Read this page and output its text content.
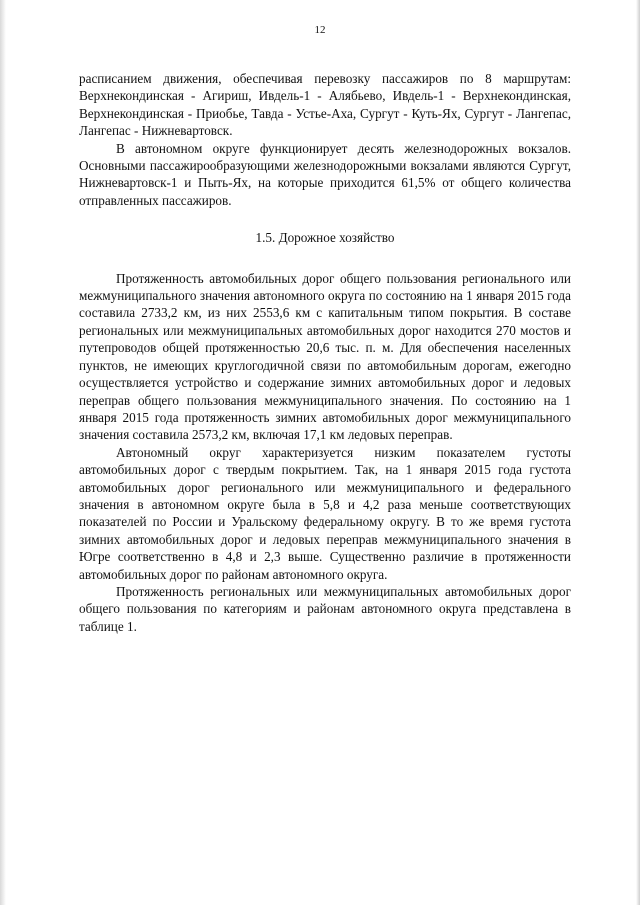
12

расписанием движения, обеспечивая перевозку пассажиров по 8 маршрутам: Верхнекондинская - Агириш, Ивдель-1 - Алябьево, Ивдель-1 - Верхнекондинская, Верхнекондинская - Приобье, Тавда - Устье-Аха, Сургут - Куть-Ях, Сургут - Лангепас, Лангепас - Нижневартовск.

В автономном округе функционирует десять железнодорожных вокзалов. Основными пассажирообразующими железнодорожными вокзалами являются Сургут, Нижневартовск-1 и Пыть-Ях, на которые приходится 61,5% от общего количества отправленных пассажиров.

1.5. Дорожное хозяйство

Протяженность автомобильных дорог общего пользования регионального или межмуниципального значения автономного округа по состоянию на 1 января 2015 года составила 2733,2 км, из них 2553,6 км с капитальным типом покрытия. В составе региональных или межмуниципальных автомобильных дорог находится 270 мостов и путепроводов общей протяженностью 20,6 тыс. п. м. Для обеспечения населенных пунктов, не имеющих круглогодичной связи по автомобильным дорогам, ежегодно осуществляется устройство и содержание зимних автомобильных дорог и ледовых переправ общего пользования межмуниципального значения. По состоянию на 1 января 2015 года протяженность зимних автомобильных дорог межмуниципального значения составила 2573,2 км, включая 17,1 км ледовых переправ.

Автономный округ характеризуется низким показателем густоты автомобильных дорог с твердым покрытием. Так, на 1 января 2015 года густота автомобильных дорог регионального или межмуниципального и федерального значения в автономном округе была в 5,8 и 4,2 раза меньше соответствующих показателей по России и Уральскому федеральному округу. В то же время густота зимних автомобильных дорог и ледовых переправ межмуниципального значения в Югре соответственно в 4,8 и 2,3 выше. Существенно различие в протяженности автомобильных дорог по районам автономного округа.

Протяженность региональных или межмуниципальных автомобильных дорог общего пользования по категориям и районам автономного округа представлена в таблице 1.
